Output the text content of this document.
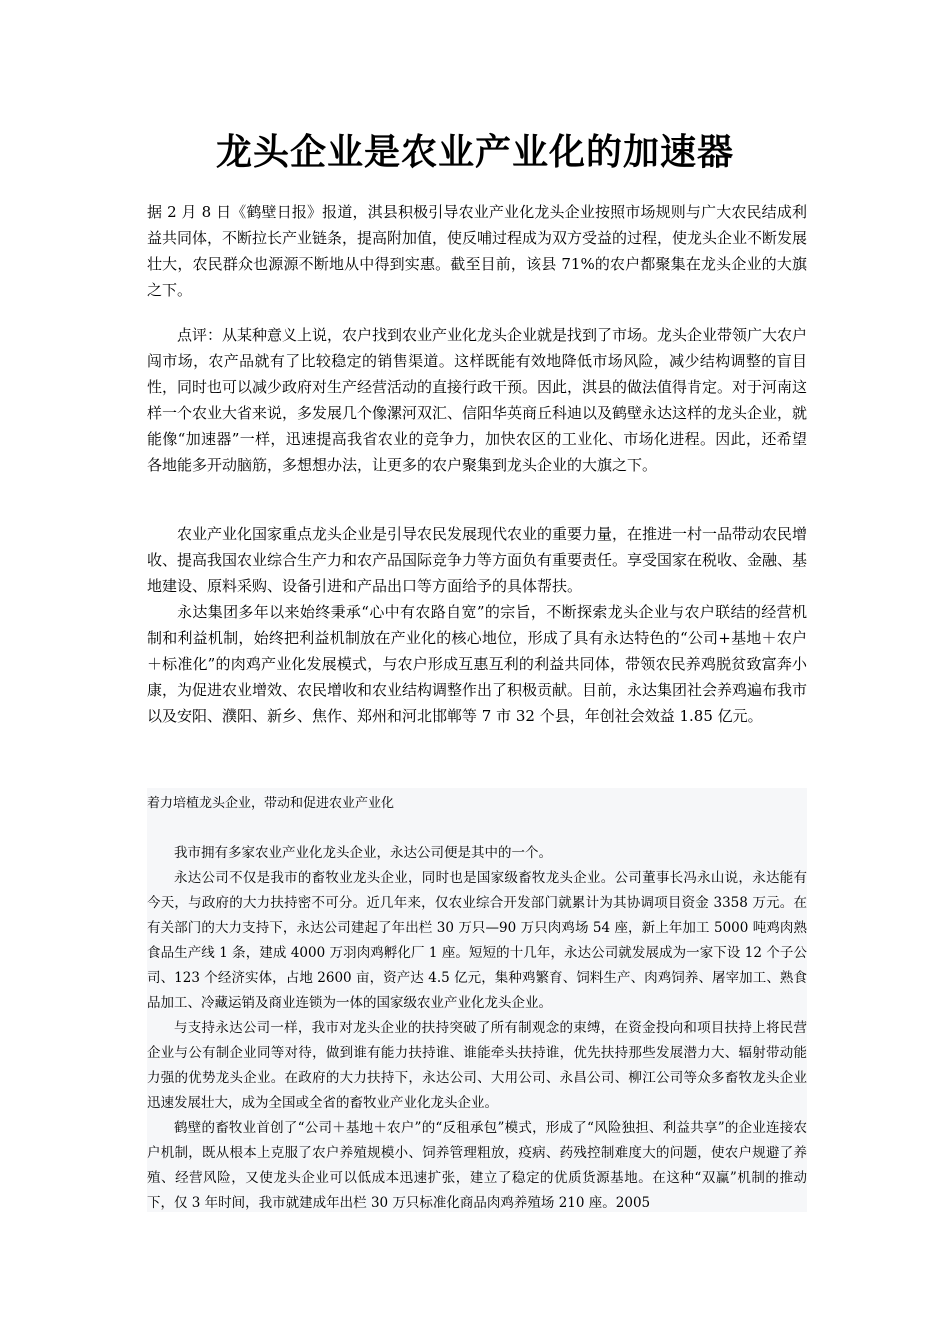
龙头企业是农业产业化的加速器

据 2 月 8 日《鹤壁日报》报道，淇县积极引导农业产业化龙头企业按照市场规则与广大农民结成利益共同体，不断拉长产业链条，提高附加值，使反哺过程成为双方受益的过程，使龙头企业不断发展壮大，农民群众也源源不断地从中得到实惠。截至目前，该县 71%的农户都聚集在龙头企业的大旗之下。

点评：从某种意义上说，农户找到农业产业化龙头企业就是找到了市场。龙头企业带领广大农户闯市场，农产品就有了比较稳定的销售渠道。这样既能有效地降低市场风险，减少结构调整的盲目性，同时也可以减少政府对生产经营活动的直接行政干预。因此，淇县的做法值得肯定。对于河南这样一个农业大省来说，多发展几个像漯河双汇、信阳华英商丘科迪以及鹤壁永达这样的龙头企业，就能像“加速器”一样，迅速提高我省农业的竞争力，加快农区的工业化、市场化进程。因此，还希望各地能多开动脑筋，多想想办法，让更多的农户聚集到龙头企业的大旗之下。

农业产业化国家重点龙头企业是引导农民发展现代农业的重要力量，在推进一村一品带动农民增收、提高我国农业综合生产力和农产品国际竞争力等方面负有重要责任。享受国家在税收、金融、基地建设、原料采购、设备引进和产品出口等方面给予的具体帮扶。

永达集团多年以来始终秉承“心中有农路自宽”的宗旨，不断探索龙头企业与农户联结的经营机制和利益机制，始终把利益机制放在产业化的核心地位，形成了具有永达特色的“公司+基地＋农户＋标准化”的肉鸡产业化发展模式，与农户形成互惠互利的利益共同体，带领农民养鸡脱贫致富奔小康，为促进农业增效、农民增收和农业结构调整作出了积极贡献。目前，永达集团社会养鸡遍布我市以及安阳、濮阳、新乡、焦作、郑州和河北邯郸等 7 市 32 个县，年创社会效益 1.85 亿元。

着力培植龙头企业，带动和促进农业产业化

我市拥有多家农业产业化龙头企业，永达公司便是其中的一个。

永达公司不仅是我市的畜牧业龙头企业，同时也是国家级畜牧龙头企业。公司董事长冯永山说，永达能有今天，与政府的大力扶持密不可分。近几年来，仅农业综合开发部门就累计为其协调项目资金 3358 万元。在有关部门的大力支持下，永达公司建起了年出栏 30 万只—90 万只肉鸡场 54 座，新上年加工 5000 吨鸡肉熟食品生产线 1 条，建成 4000 万羽肉鸡孵化厂 1 座。短短的十几年，永达公司就发展成为一家下设 12 个子公司、123 个经济实体，占地 2600 亩，资产达 4.5 亿元，集种鸡繁育、饲料生产、肉鸡饲养、屠宰加工、熟食品加工、冷藏运销及商业连锁为一体的国家级农业产业化龙头企业。

与支持永达公司一样，我市对龙头企业的扶持突破了所有制观念的束缚，在资金投向和项目扶持上将民营企业与公有制企业同等对待，做到谁有能力扶持谁、谁能牵头扶持谁，优先扶持那些发展潜力大、辐射带动能力强的优势龙头企业。在政府的大力扶持下，永达公司、大用公司、永昌公司、柳江公司等众多畜牧龙头企业迅速发展壮大，成为全国或全省的畜牧业产业化龙头企业。

鹤壁的畜牧业首创了“公司＋基地＋农户”的“反租承包”模式，形成了“风险独担、利益共享”的企业连接农户机制，既从根本上克服了农户养殖规模小、饲养管理粗放，疫病、药残控制难度大的问题，使农户规避了养殖、经营风险，又使龙头企业可以低成本迅速扩张，建立了稳定的优质货源基地。在这种“双赢”机制的推动下，仅 3 年时间，我市就建成年出栏 30 万只标准化商品肉鸡养殖场 210 座。2005
